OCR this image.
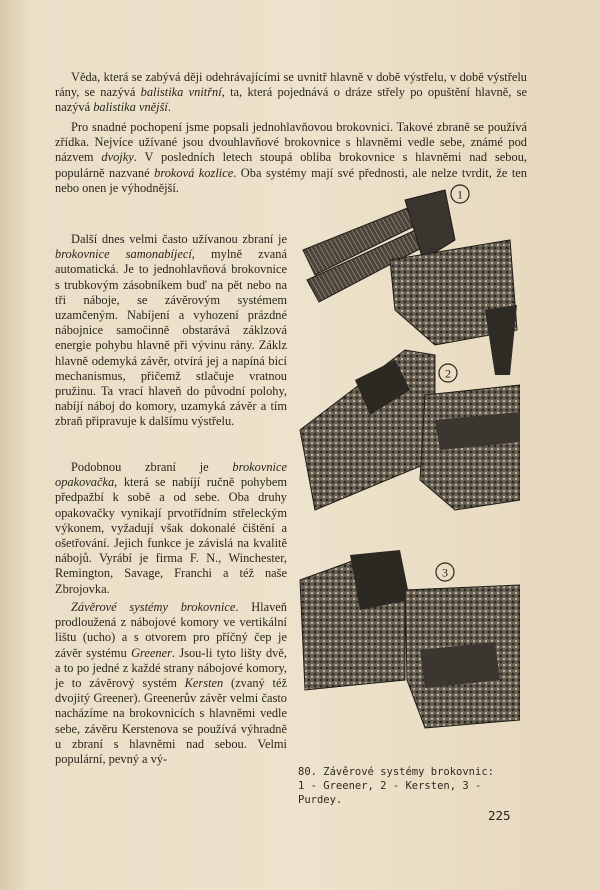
Věda, která se zabývá ději odehrávajícími se uvnitř hlavně v době výstřelu, v době výstřelu rány, se nazývá balistika vnitřní, ta, která pojednává o dráze střely po opuštění hlavně, se nazývá balistika vnější.
Pro snadné pochopení jsme popsali jednohlavňovou brokovnici. Takové zbraně se používá zřídka. Nejvíce užívané jsou dvouhlavňové brokovnice s hlavněmi vedle sebe, známé pod názvem dvojky. V posledních letech stoupá obliba brokovnice s hlavněmi nad sebou, populárně nazvané broková kozlice. Oba systémy mají své přednosti, ale nelze tvrdit, že ten nebo onen je výhodnější.
Další dnes velmi často užívanou zbraní je brokovnice samonabíjecí, mylně zvaná automatická. Je to jednohlavňová brokovnice s trubkovým zásobníkem buď na pět nebo na tři náboje, se závěrovým systémem uzamčeným. Nabíjení a vyhození prázdné nábojnice samočinně obstarává záklzová energie pohybu hlavně při vývinu rány. Záklz hlavně odemyká závěr, otvírá jej a napíná bicí mechanismus, přičemž stlačuje vratnou pružinu. Ta vrací hlaveň do původní polohy, nabíjí náboj do komory, uzamyká závěr a tím zbraň připravuje k dalšímu výstřelu.
Podobnou zbraní je brokovnice opakovačka, která se nabíjí ručně pohybem předpažbí k sobě a od sebe. Oba druhy opakovačky vynikají prvotřídním střeleckým výkonem, vyžadují však dokonalé čištění a ošetřování. Jejich funkce je závislá na kvalitě nábojů. Vyrábí je firma F. N., Winchester, Remington, Savage, Franchi a též naše Zbrojovka.
Závěrové systémy brokovnice. Hlaveň prodloužená z nábojové komory ve vertikální lištu (ucho) a s otvorem pro příčný čep je závěr systému Greener. Jsou-li tyto lišty dvě, a to po jedné z každé strany nábojové komory, je to závěrový systém Kersten (zvaný též dvojitý Greener). Greenerův závěr velmi často nacházíme na brokovnicích s hlavněmi vedle sebe, závěru Kerstenova se používá výhradně u zbraní s hlavněmi nad sebou. Velmi populární, pevný a vý-
1
2
3
80. Závěrové systémy brokovnic:
1 - Greener, 2 - Kersten, 3 - Purdey.
225
